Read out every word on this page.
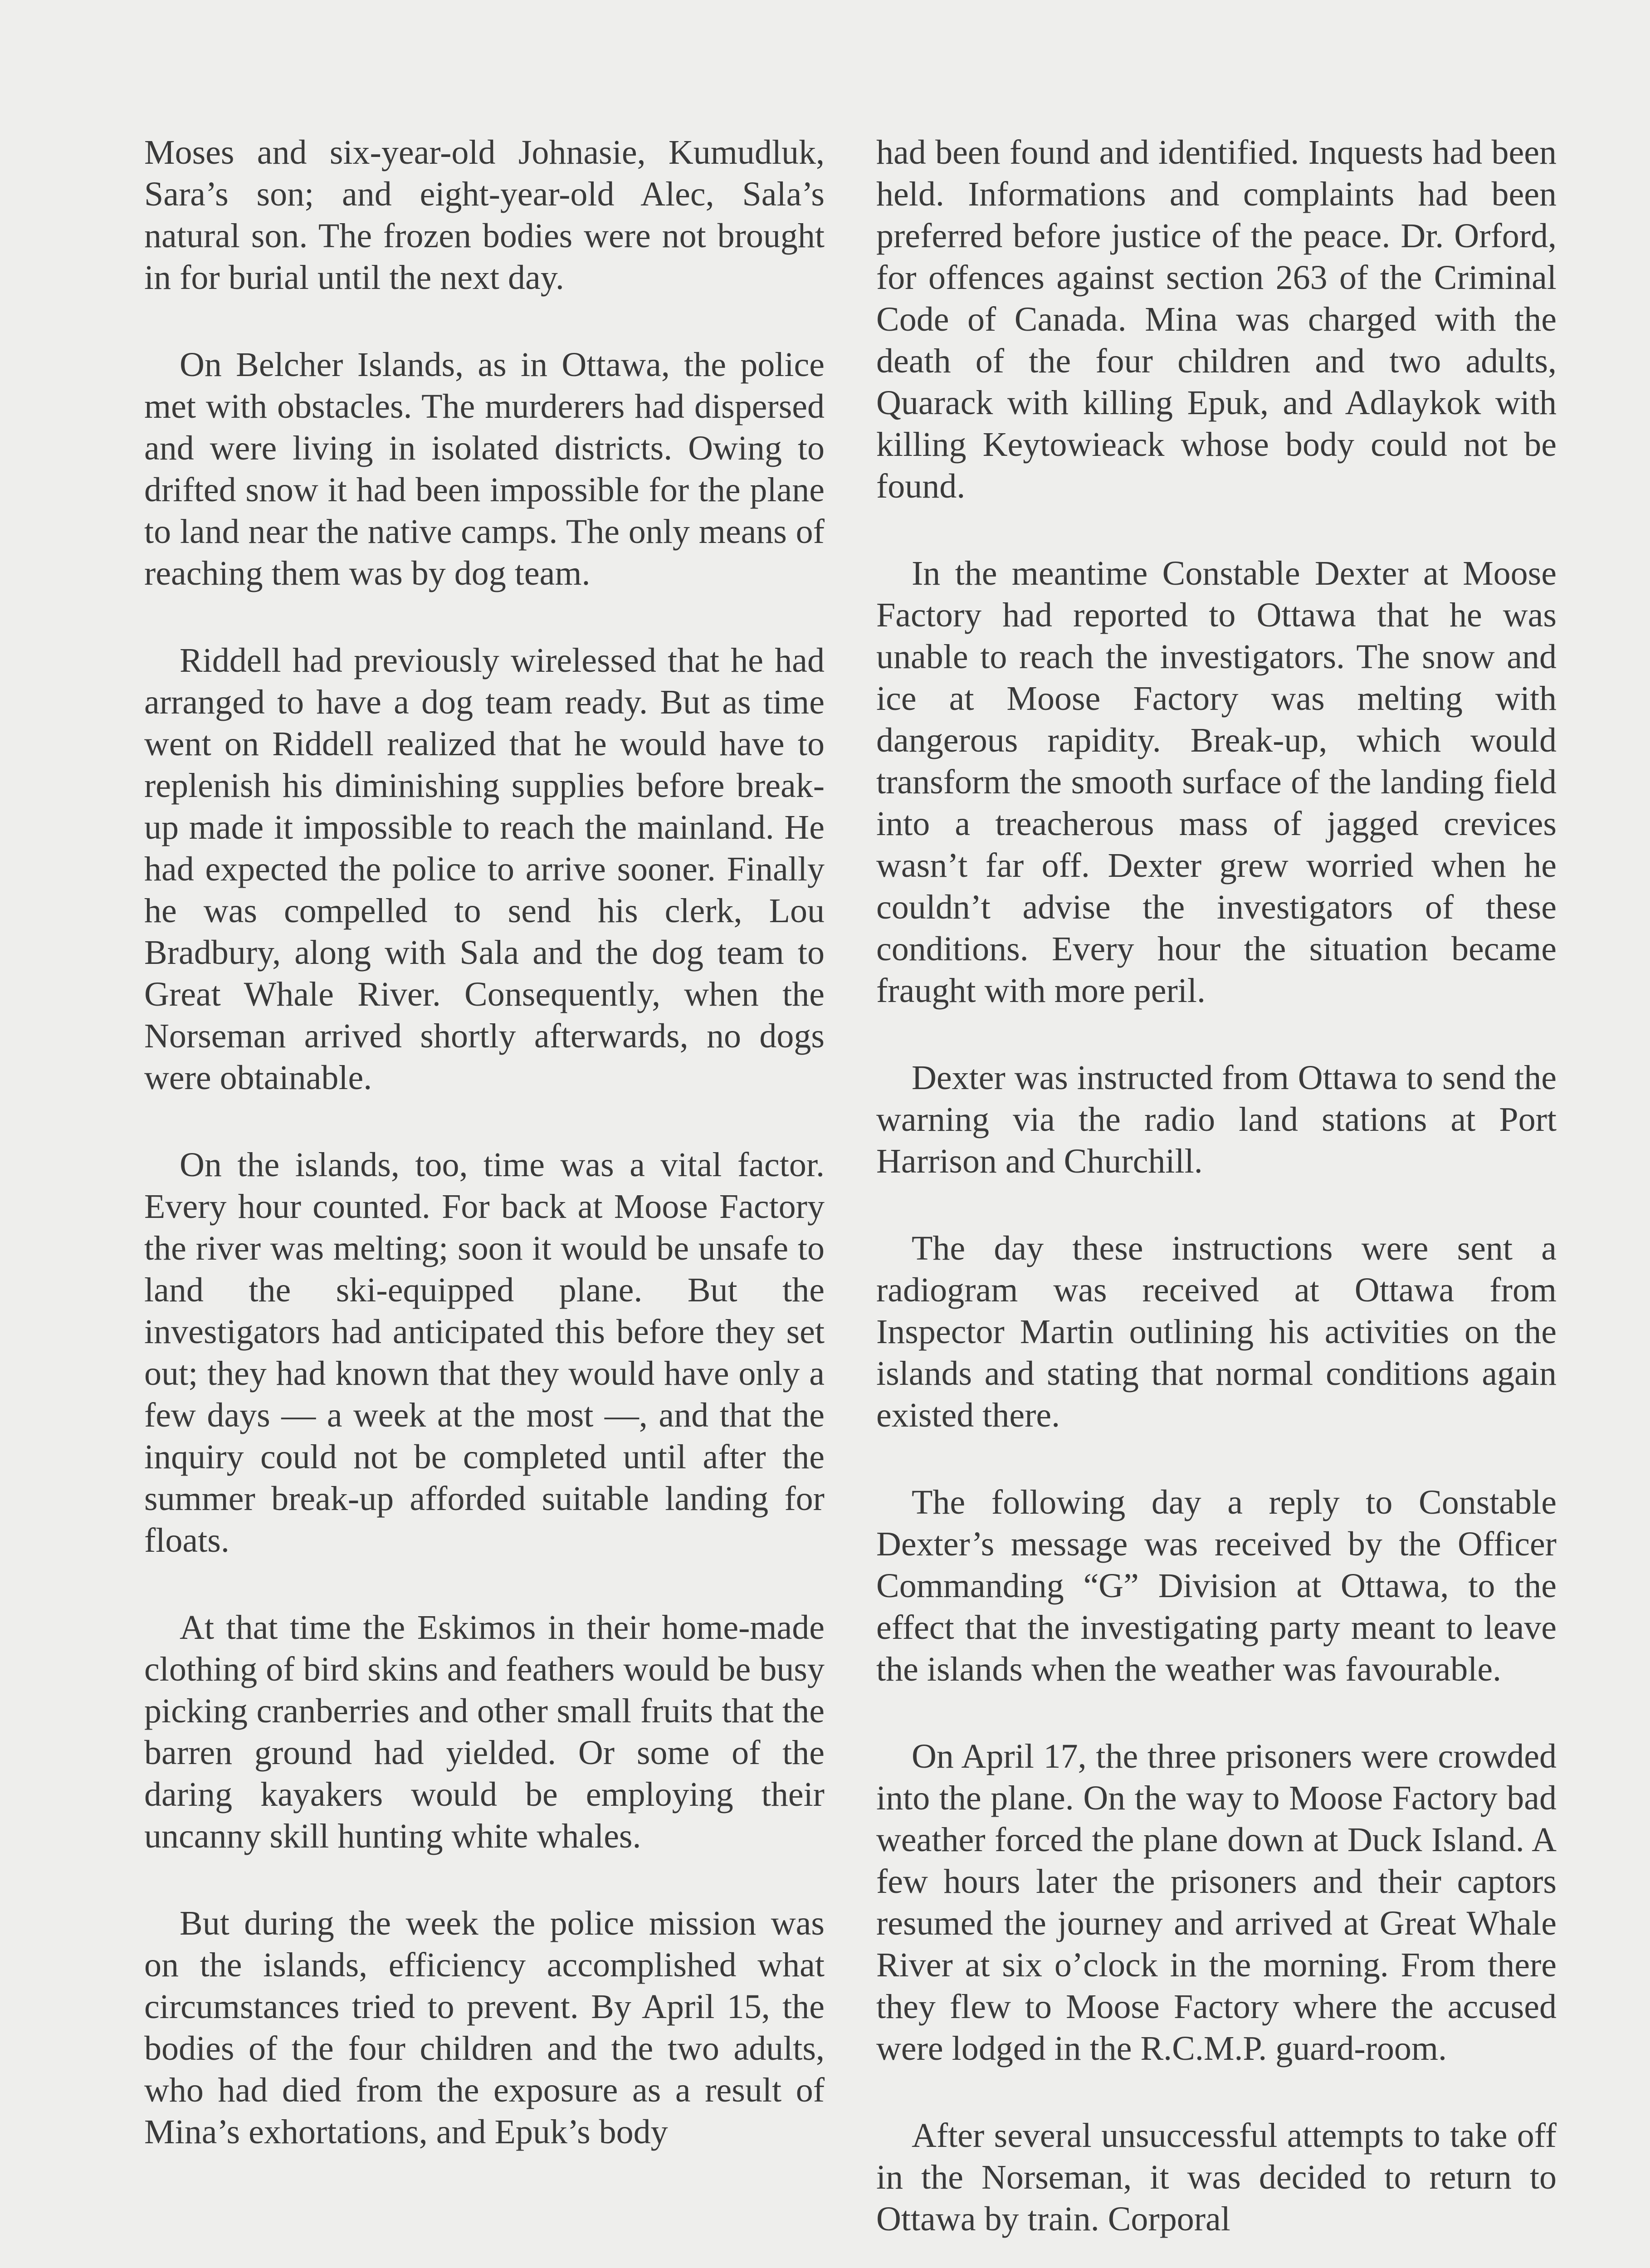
Moses and six-year-old Johnasie, Kumudluk, Sara’s son; and eight-year-old Alec, Sala’s natural son. The frozen bodies were not brought in for burial until the next day.

On Belcher Islands, as in Ottawa, the police met with obstacles. The murderers had dispersed and were living in isolated districts. Owing to drifted snow it had been impossible for the plane to land near the native camps. The only means of reaching them was by dog team.

Riddell had previously wirelessed that he had arranged to have a dog team ready. But as time went on Riddell realized that he would have to replenish his diminishing supplies before break-up made it impossible to reach the mainland. He had expected the police to arrive sooner. Finally he was compelled to send his clerk, Lou Bradbury, along with Sala and the dog team to Great Whale River. Consequently, when the Norseman arrived shortly afterwards, no dogs were obtainable.

On the islands, too, time was a vital factor. Every hour counted. For back at Moose Factory the river was melting; soon it would be unsafe to land the ski-equipped plane. But the investigators had anticipated this before they set out; they had known that they would have only a few days — a week at the most —, and that the inquiry could not be completed until after the summer break-up afforded suitable landing for floats.

At that time the Eskimos in their home-made clothing of bird skins and feathers would be busy picking cranberries and other small fruits that the barren ground had yielded. Or some of the daring kayakers would be employing their uncanny skill hunting white whales.

But during the week the police mission was on the islands, efficiency accomplished what circumstances tried to prevent. By April 15, the bodies of the four children and the two adults, who had died from the exposure as a result of Mina’s exhortations, and Epuk’s body

had been found and identified. Inquests had been held. Informations and complaints had been preferred before justice of the peace. Dr. Orford, for offences against section 263 of the Criminal Code of Canada. Mina was charged with the death of the four children and two adults, Quarack with killing Epuk, and Adlaykok with killing Keytowieack whose body could not be found.

In the meantime Constable Dexter at Moose Factory had reported to Ottawa that he was unable to reach the investigators. The snow and ice at Moose Factory was melting with dangerous rapidity. Break-up, which would transform the smooth surface of the landing field into a treacherous mass of jagged crevices wasn’t far off. Dexter grew worried when he couldn’t advise the investigators of these conditions. Every hour the situation became fraught with more peril.

Dexter was instructed from Ottawa to send the warning via the radio land stations at Port Harrison and Churchill.

The day these instructions were sent a radiogram was received at Ottawa from Inspector Martin outlining his activities on the islands and stating that normal conditions again existed there.

The following day a reply to Constable Dexter’s message was received by the Officer Commanding “G” Division at Ottawa, to the effect that the investigating party meant to leave the islands when the weather was favourable.

On April 17, the three prisoners were crowded into the plane. On the way to Moose Factory bad weather forced the plane down at Duck Island. A few hours later the prisoners and their captors resumed the journey and arrived at Great Whale River at six o’clock in the morning. From there they flew to Moose Factory where the accused were lodged in the R.C.M.P. guard-room.

After several unsuccessful attempts to take off in the Norseman, it was decided to return to Ottawa by train. Corporal
